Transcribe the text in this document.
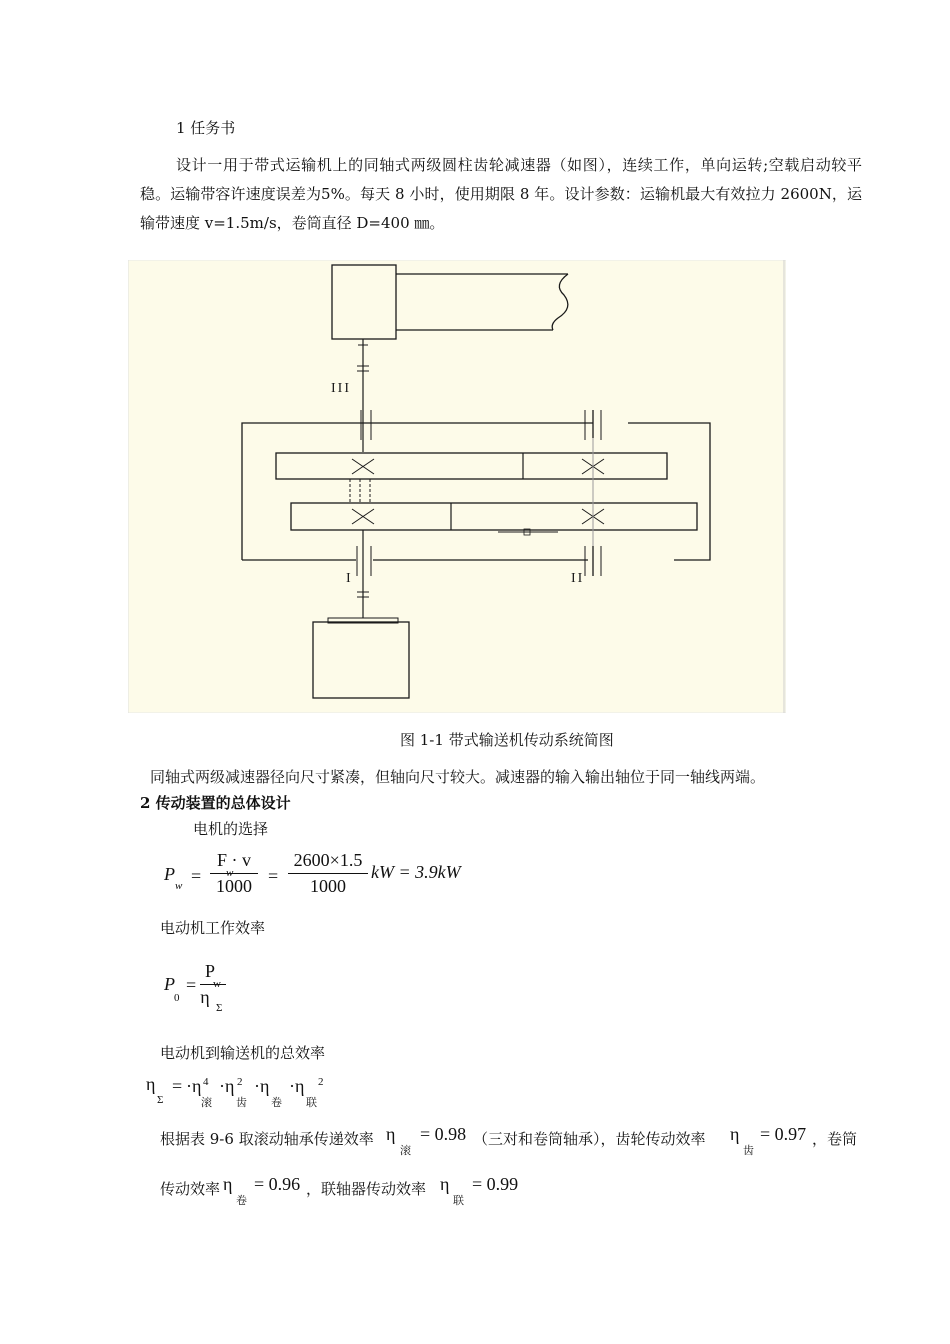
1 任务书
设计一用于带式运输机上的同轴式两级圆柱齿轮减速器（如图），连续工作，单向运转;空载启动较平稳。运输带容许速度误差为5%。每天 8 小时，使用期限 8 年。设计参数：运输机最大有效拉力 2600N，运输带速度 v=1.5m/s，卷筒直径 D=400 ㎜。
III
I	II
图 1-1 带式输送机传动系统简图
同轴式两级减速器径向尺寸紧凑，但轴向尺寸较大。减速器的输入输出轴位于同一轴线两端。
2 传动装置的总体设计
电机的选择
P
w =
F · v
1000 =
2600×1.5
1000
kW = 3.9kW
电动机工作效率
P
0
=
P
η
Σ
电动机到输送机的总效率
η
Σ
= ·η 4
滚
·η 2
齿
·η
卷
·η 2
联
根据表 9-6 取滚动轴承传递效率 η
滚
= 0.98 （三对和卷筒轴承），齿轮传动效率 η
齿
= 0.97 ，卷筒
传动效率 η
卷
= 0.96 ，联轴器传动效率 η
联
= 0.99
